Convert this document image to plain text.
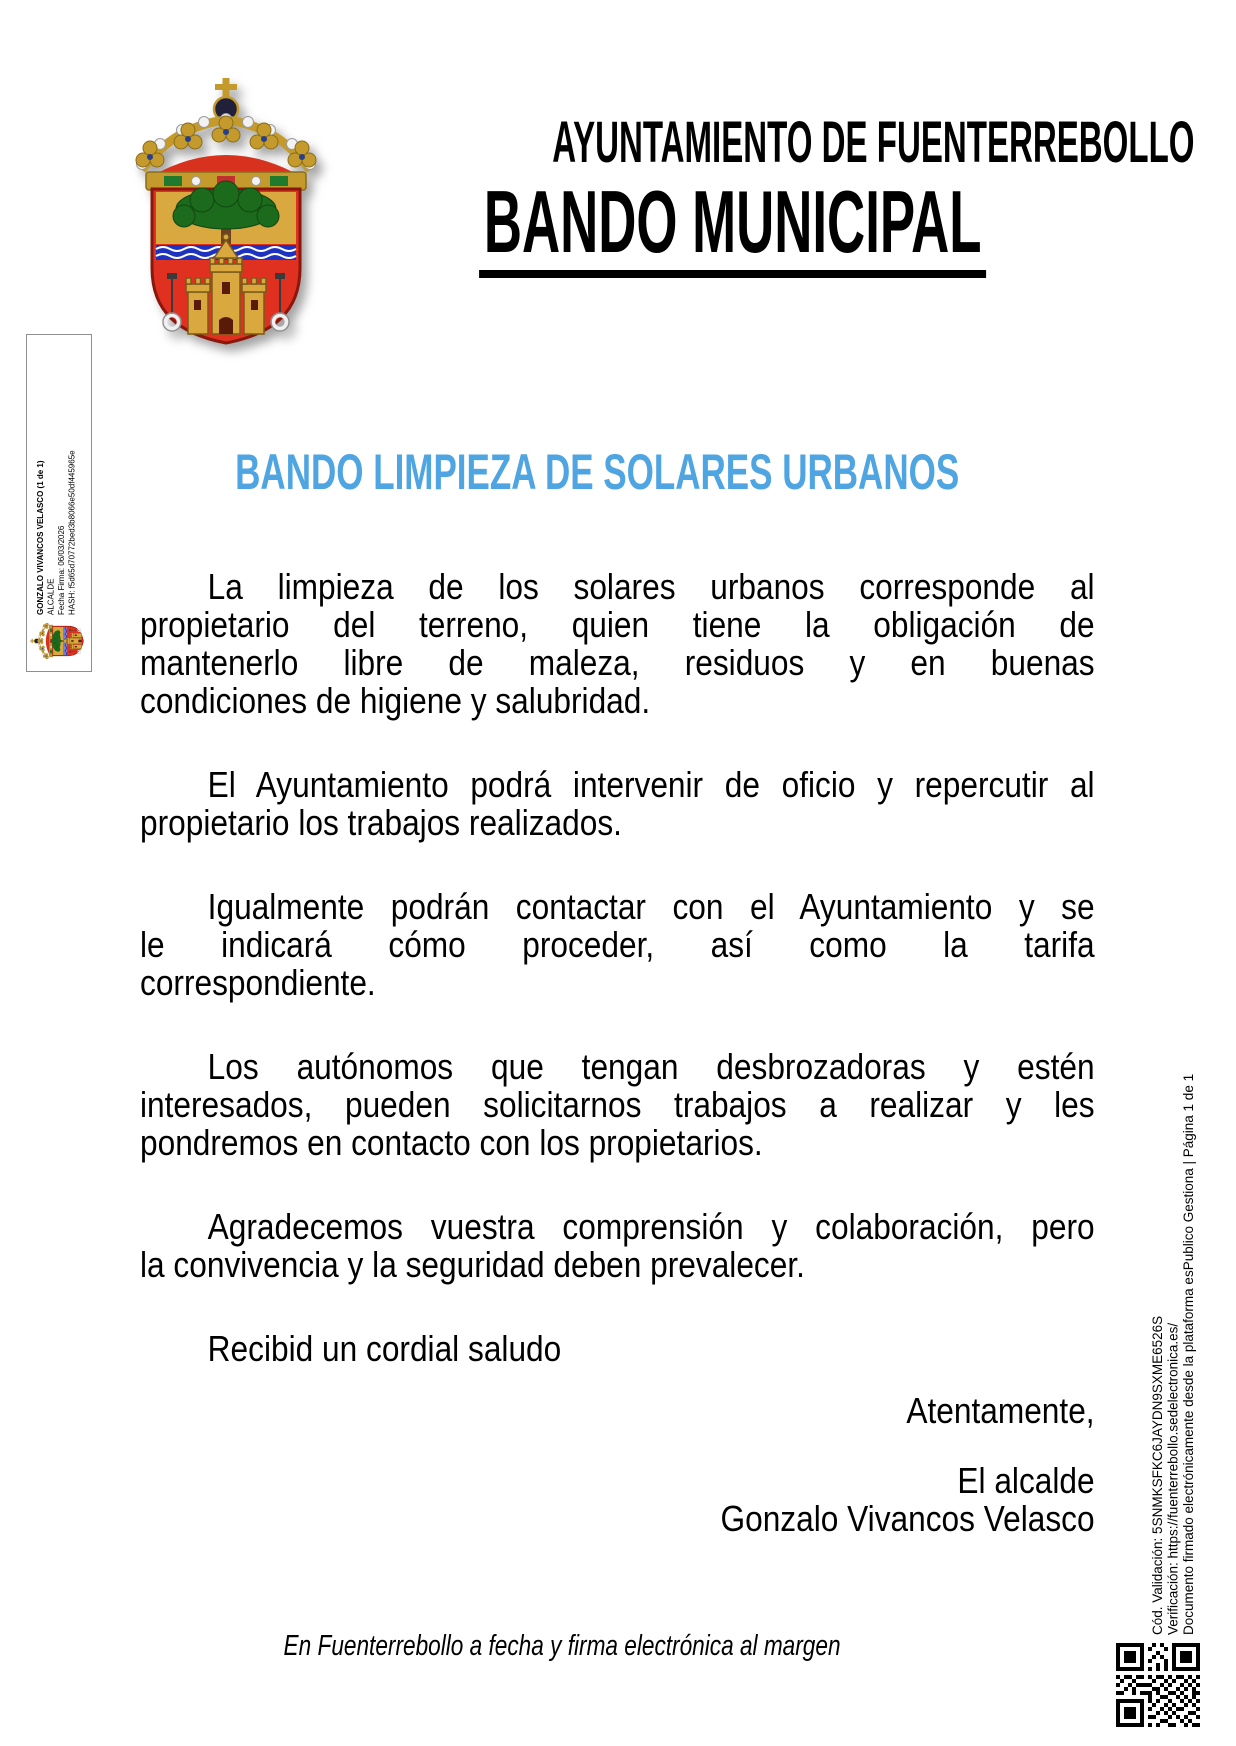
GONZALO VIVANCOS VELASCO (1 de 1) ALCALDE Fecha Firma: 06/03/2026 HASH: f5d65d70772bed3b8066e50df445965e
AYUNTAMIENTO DE FUENTERREBOLLO
BANDO MUNICIPAL
BANDO LIMPIEZA DE SOLARES URBANOS
La limpieza de los solares urbanos corresponde al
propietario del terreno, quien tiene la obligación de
mantenerlo libre de maleza, residuos y en buenas
condiciones de higiene y salubridad.
El Ayuntamiento podrá intervenir de oficio y repercutir al
propietario los trabajos realizados.
Igualmente podrán contactar con el Ayuntamiento y se
le indicará cómo proceder, así como la tarifa
correspondiente.
Los autónomos que tengan desbrozadoras y estén
interesados, pueden solicitarnos trabajos a realizar y les
pondremos en contacto con los propietarios.
Agradecemos vuestra comprensión y colaboración, pero
la convivencia y la seguridad deben prevalecer.
Recibid un cordial saludo
Atentamente,
El alcalde
Gonzalo Vivancos Velasco
En Fuenterrebollo a fecha y firma electrónica al margen
Cód. Validación: 5SNMKSFKC6JAYDN9SXME6526S Verificación: https://fuenterrebollo.sedelectronica.es/ Documento firmado electrónicamente desde la plataforma esPublico Gestiona | Página 1 de 1
